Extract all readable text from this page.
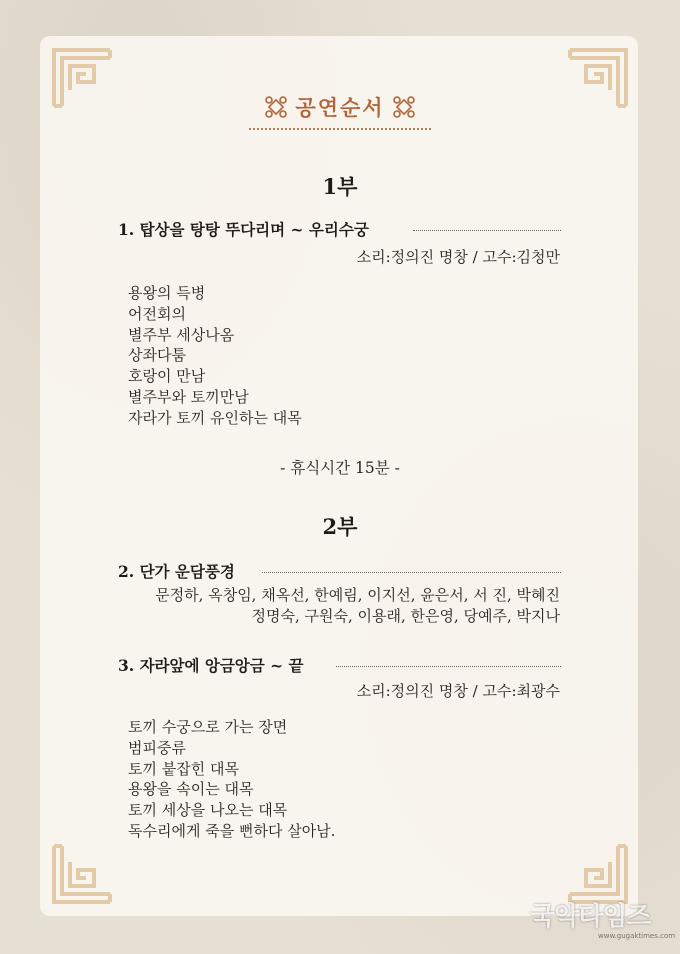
공연순서
1부
1. 탑상을 탕탕 뚜다리며 ~ 우리수궁
소리:정의진 명창 / 고수:김청만
용왕의 득병
어전회의
별주부 세상나옴
상좌다툼
호랑이 만남
별주부와 토끼만남
자라가 토끼 유인하는 대목
- 휴식시간 15분 -
2부
2. 단가 운담풍경
문정하, 옥창임, 채옥선, 한예림, 이지선, 윤은서, 서 진, 박혜진
정명숙, 구원숙, 이용래, 한은영, 당예주, 박지나
3. 자라앞에 앙금앙금 ~ 끝
소리:정의진 명창 / 고수:최광수
토끼 수궁으로 가는 장면
범피중류
토끼 붙잡힌 대목
용왕을 속이는 대목
토끼 세상을 나오는 대목
독수리에게 죽을 뻔하다 살아남.
국악타임즈
www.gugaktimes.com
